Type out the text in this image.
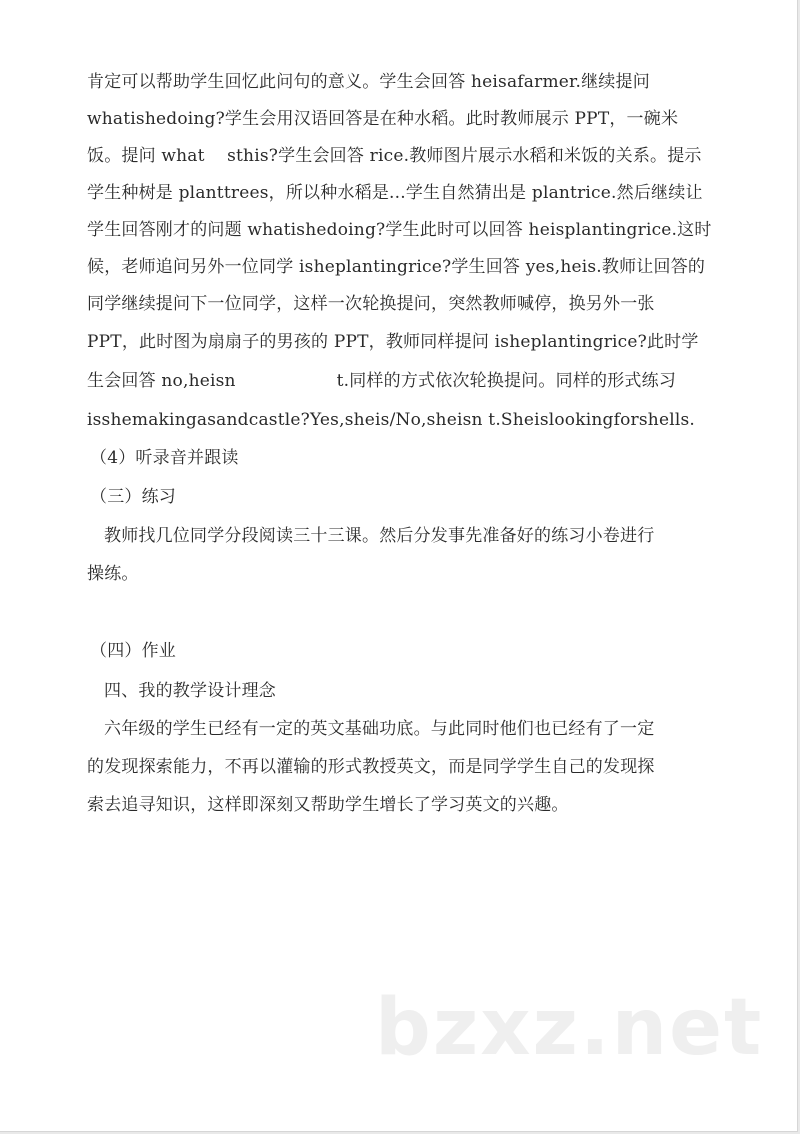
肯定可以帮助学生回忆此问句的意义。学生会回答 heisafarmer.继续提问
whatishedoing?学生会用汉语回答是在种水稻。此时教师展示 PPT，一碗米
饭。提问 what    sthis?学生会回答 rice.教师图片展示水稻和米饭的关系。提示
学生种树是 planttrees，所以种水稻是...学生自然猜出是 plantrice.然后继续让
学生回答刚才的问题 whatishedoing?学生此时可以回答 heisplantingrice.这时
候，老师追问另外一位同学 isheplantingrice?学生回答 yes,heis.教师让回答的
同学继续提问下一位同学，这样一次轮换提问，突然教师喊停，换另外一张
PPT，此时图为扇扇子的男孩的 PPT，教师同样提问 isheplantingrice?此时学
生会回答 no,heisn                  t.同样的方式依次轮换提问。同样的形式练习
isshemakingasandcastle?Yes,sheis/No,sheisn t.Sheislookingforshells.
（4）听录音并跟读
（三）练习
教师找几位同学分段阅读三十三课。然后分发事先准备好的练习小卷进行
操练。
（四）作业
四、我的教学设计理念
六年级的学生已经有一定的英文基础功底。与此同时他们也已经有了一定
的发现探索能力，不再以灌输的形式教授英文，而是同学学生自己的发现探
索去追寻知识，这样即深刻又帮助学生增长了学习英文的兴趣。
bzxz.net
